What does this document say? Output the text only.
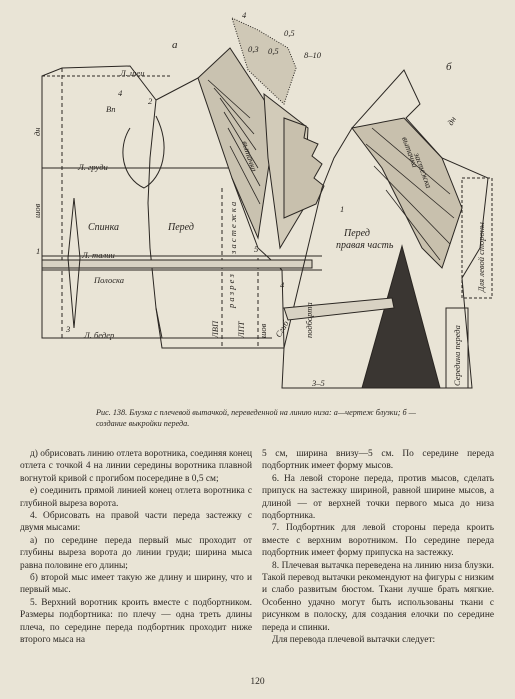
а
Л. шеи
Л. груди
Л. талии
Полоска
Л. бедер
Спинка	Перед
шов
шов
дн
Вп
ЛВП ЛПТ
р а з р е з
з а с т е ж к а
вытачка
4
0,5
0,3 0,5	8–10
2
1
3
5
4
б
дн
Перед
правая часть
Сгиб
Для левой стороны
Середина переда
вытачка
застежка
3–5
1
подборта
4
Рис. 138. Блузка с плечевой вытачкой, переведенной на линию низа: а—чертеж блузки; б — создание выкройки переда.

д) обрисовать линию отлета воротника, соединяя конец отлета с точкой 4 на линии середины воротника плавной вогнутой кривой с прогибом посередине в 0,5 см;

е) соединить прямой линией конец отлета воротника с глубиной выреза ворота.

4. Обрисовать на правой части переда застежку с двумя мысами:

а) по середине переда первый мыс проходит от глубины выреза ворота до линии груди; ширина мыса равна половине его длины;

б) второй мыс имеет такую же длину и ширину, что и первый мыс.

5. Верхний воротник кроить вместе с подбортником. Размеры подбортника: по плечу — одна треть длины плеча, по середине переда подбортник проходит ниже второго мыса на

5 см, ширина внизу—5 см. По середине переда подбортник имеет форму мысов.

6. На левой стороне переда, против мысов, сделать припуск на застежку шириной, равной ширине мысов, а длиной — от верхней точки первого мыса до низа подбортника.

7. Подбортник для левой стороны переда кроить вместе с верхним воротником. По середине переда подбортник имеет форму припуска на застежку.

8. Плечевая вытачка переведена на линию низа блузки. Такой перевод вытачки рекомендуют на фигуры с низким и слабо развитым бюстом. Ткани лучше брать мягкие. Особенно удачно могут быть использованы ткани с рисунком в полоску, для создания елочки по середине переда и спинки.

Для перевода плечевой вытачки следует:

120
